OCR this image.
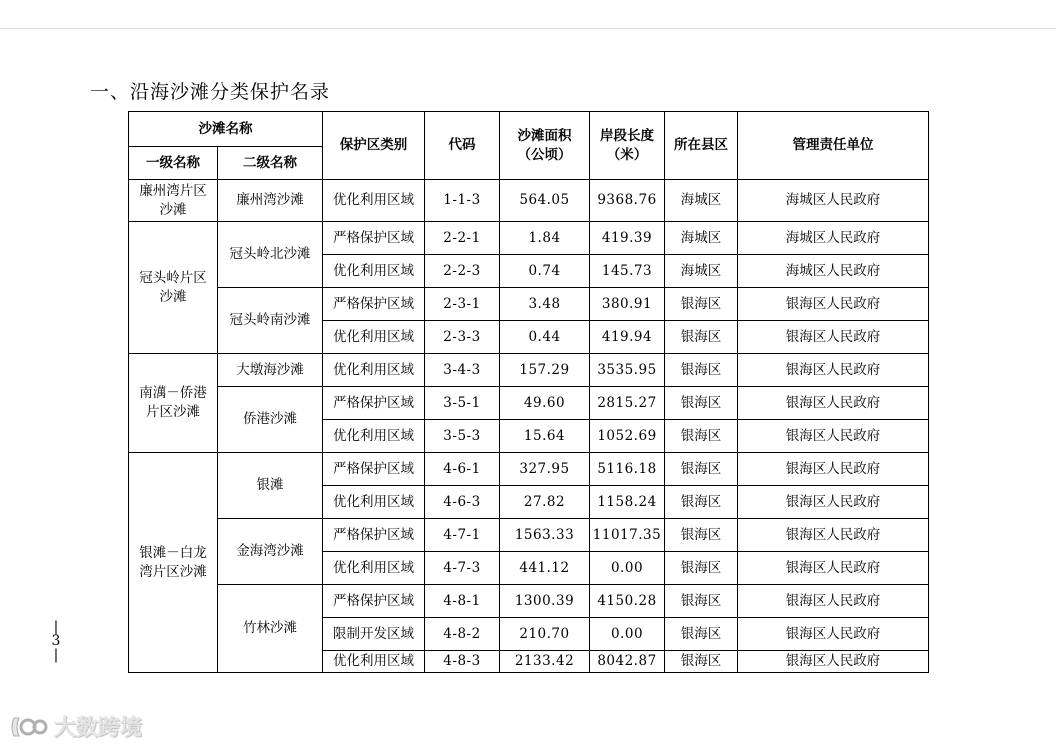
一、沿海沙滩分类保护名录
沙滩名称		保护区类别	代码	沙滩面积（公顷）	岸段长度（米）	所在县区	管理责任单位
一级名称	二级名称						

廉州湾片区沙滩	廉州湾沙滩	优化利用区域	1-1-3	564.05	9368.76	海城区	海城区人民政府

冠头岭片区沙滩	冠头岭北沙滩	严格保护区域	2-2-1	1.84	419.39	海城区	海城区人民政府
		优化利用区域	2-2-3	0.74	145.73	海城区	海城区人民政府
	冠头岭南沙滩	严格保护区域	2-3-1	3.48	380.91	银海区	银海区人民政府
		优化利用区域	2-3-3	0.44	419.94	银海区	银海区人民政府

南澫－侨港片区沙滩	大墩海沙滩	优化利用区域	3-4-3	157.29	3535.95	银海区	银海区人民政府
	侨港沙滩	严格保护区域	3-5-1	49.60	2815.27	银海区	银海区人民政府
		优化利用区域	3-5-3	15.64	1052.69	银海区	银海区人民政府

银滩－白龙湾片区沙滩	银滩	严格保护区域	4-6-1	327.95	5116.18	银海区	银海区人民政府
		优化利用区域	4-6-3	27.82	1158.24	银海区	银海区人民政府
	金海湾沙滩	严格保护区域	4-7-1	1563.33	11017.35	银海区	银海区人民政府
		优化利用区域	4-7-3	441.12	0.00	银海区	银海区人民政府
	竹林沙滩	严格保护区域	4-8-1	1300.39	4150.28	银海区	银海区人民政府
		限制开发区域	4-8-2	210.70	0.00	银海区	银海区人民政府
		优化利用区域	4-8-3	2133.42	8042.87	银海区	银海区人民政府
|
3
|
大数跨境
